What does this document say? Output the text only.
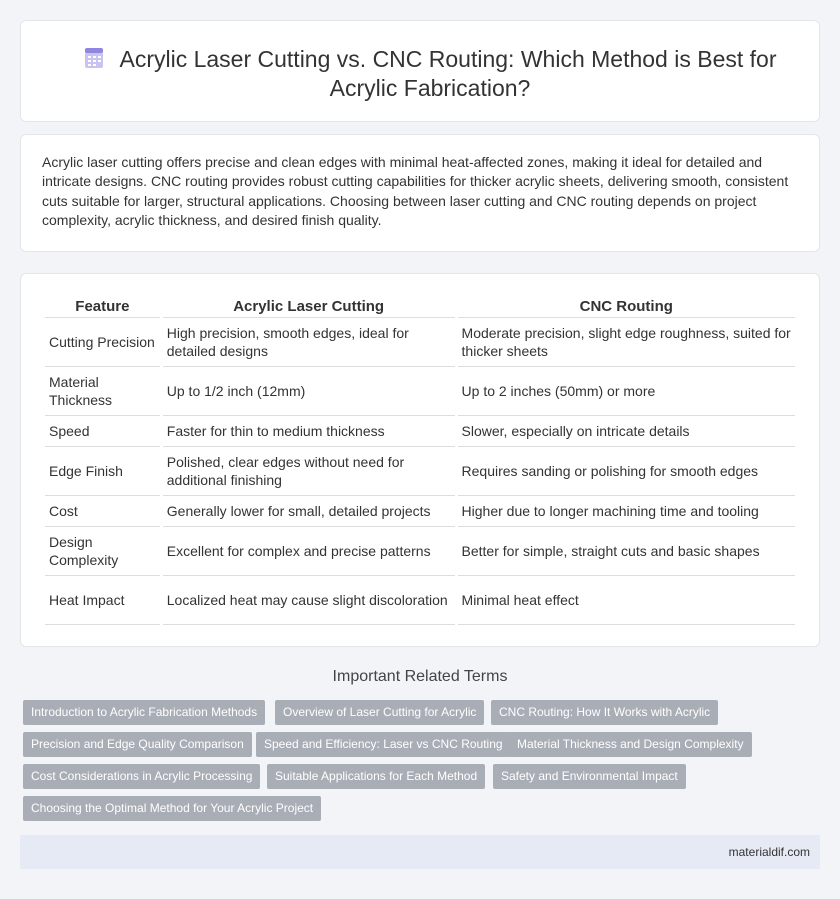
Acrylic Laser Cutting vs. CNC Routing: Which Method is Best for Acrylic Fabrication?

Acrylic laser cutting offers precise and clean edges with minimal heat-affected zones, making it ideal for detailed and intricate designs. CNC routing provides robust cutting capabilities for thicker acrylic sheets, delivering smooth, consistent cuts suitable for larger, structural applications. Choosing between laser cutting and CNC routing depends on project complexity, acrylic thickness, and desired finish quality.

Feature	Acrylic Laser Cutting	CNC Routing
Cutting Precision	High precision, smooth edges, ideal for detailed designs	Moderate precision, slight edge roughness, suited for thicker sheets
Material Thickness	Up to 1/2 inch (12mm)	Up to 2 inches (50mm) or more
Speed	Faster for thin to medium thickness	Slower, especially on intricate details
Edge Finish	Polished, clear edges without need for additional finishing	Requires sanding or polishing for smooth edges
Cost	Generally lower for small, detailed projects	Higher due to longer machining time and tooling
Design Complexity	Excellent for complex and precise patterns	Better for simple, straight cuts and basic shapes
Heat Impact	Localized heat may cause slight discoloration	Minimal heat effect
Important Related Terms
Introduction to Acrylic Fabrication Methods	Overview of Laser Cutting for Acrylic	CNC Routing: How It Works with Acrylic
Precision and Edge Quality Comparison	Speed and Efficiency: Laser vs CNC Routing	Material Thickness and Design Complexity
Cost Considerations in Acrylic Processing	Suitable Applications for Each Method	Safety and Environmental Impact
Choosing the Optimal Method for Your Acrylic Project
materialdif.com
